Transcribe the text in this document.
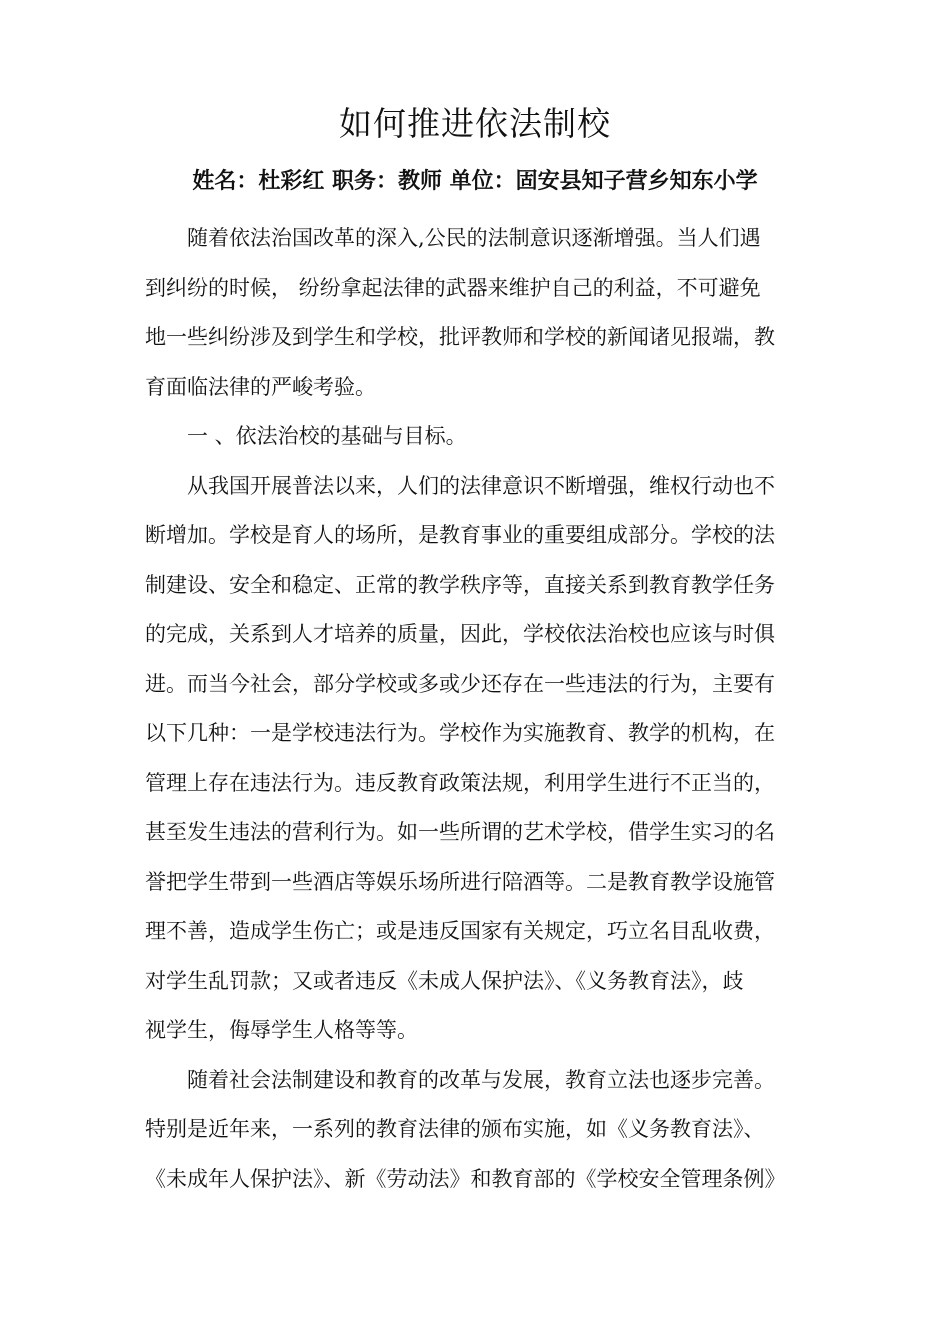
如何推进依法制校
姓名：杜彩红 职务：教师 单位：固安县知子营乡知东小学
随着依法治国改革的深入,公民的法制意识逐渐增强。当人们遇
到纠纷的时候， 纷纷拿起法律的武器来维护自己的利益，不可避免
地一些纠纷涉及到学生和学校，批评教师和学校的新闻诸见报端，教
育面临法律的严峻考验。
一 、依法治校的基础与目标。
从我国开展普法以来，人们的法律意识不断增强，维权行动也不
断增加。学校是育人的场所，是教育事业的重要组成部分。学校的法
制建设、安全和稳定、正常的教学秩序等，直接关系到教育教学任务
的完成，关系到人才培养的质量，因此，学校依法治校也应该与时俱
进。而当今社会，部分学校或多或少还存在一些违法的行为，主要有
以下几种：一是学校违法行为。学校作为实施教育、教学的机构，在
管理上存在违法行为。违反教育政策法规，利用学生进行不正当的，
甚至发生违法的营利行为。如一些所谓的艺术学校，借学生实习的名
誉把学生带到一些酒店等娱乐场所进行陪酒等。二是教育教学设施管
理不善，造成学生伤亡；或是违反国家有关规定，巧立名目乱收费，
对学生乱罚款；又或者违反《未成人保护法》、《义务教育法》，歧
视学生，侮辱学生人格等等。
随着社会法制建设和教育的改革与发展，教育立法也逐步完善。
特别是近年来，一系列的教育法律的颁布实施，如《义务教育法》、
《未成年人保护法》、新《劳动法》和教育部的《学校安全管理条例》
